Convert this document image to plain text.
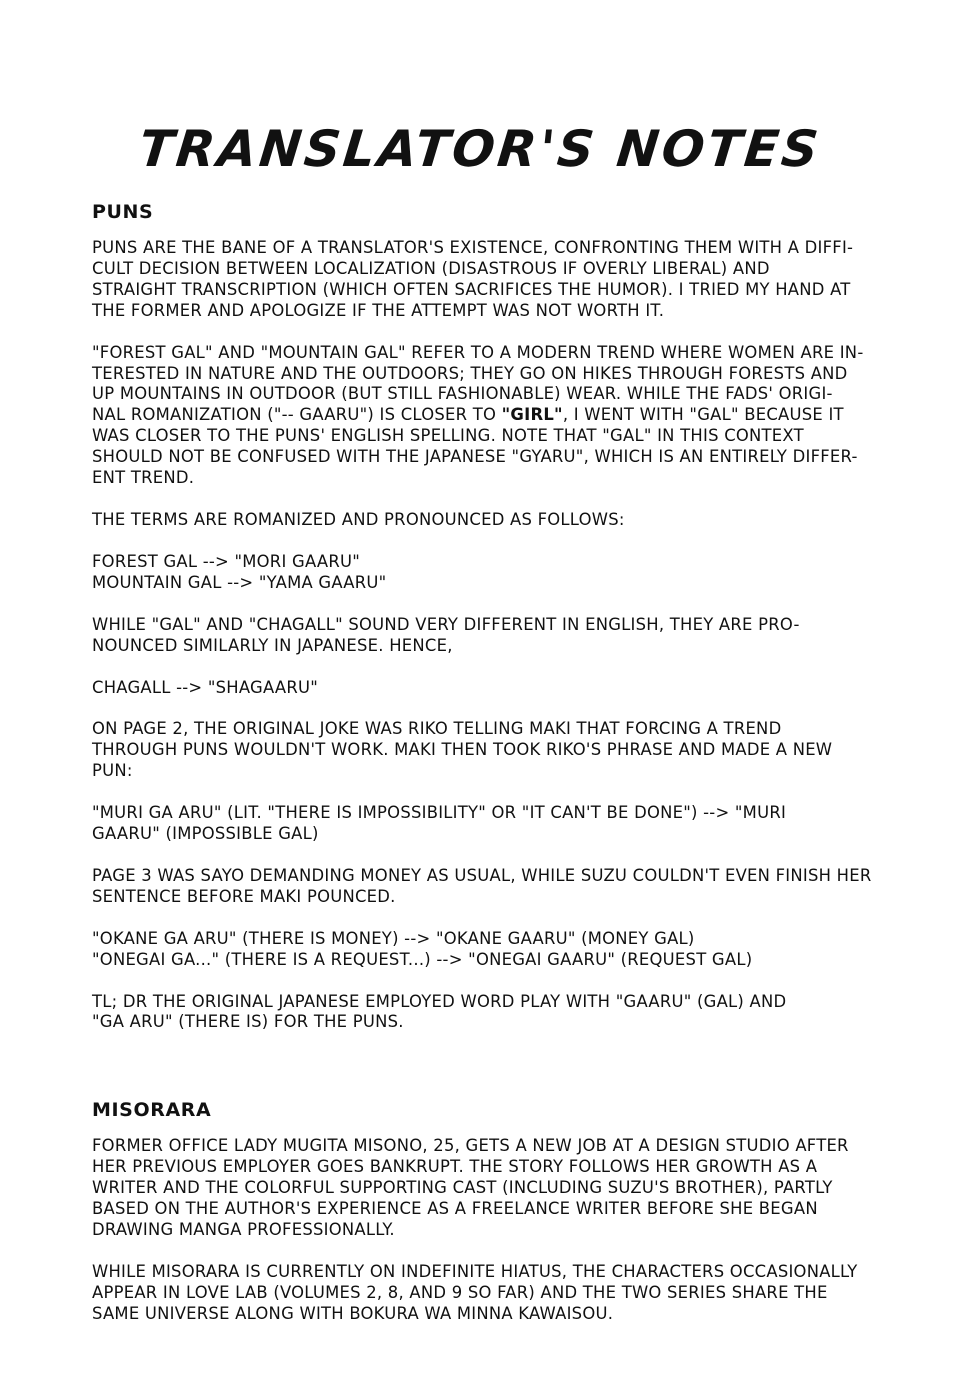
TRANSLATOR'S NOTES
PUNS

PUNS ARE THE BANE OF A TRANSLATOR'S EXISTENCE, CONFRONTING THEM WITH A DIFFI-
CULT DECISION BETWEEN LOCALIZATION (DISASTROUS IF OVERLY LIBERAL) AND
STRAIGHT TRANSCRIPTION (WHICH OFTEN SACRIFICES THE HUMOR). I TRIED MY HAND AT
THE FORMER AND APOLOGIZE IF THE ATTEMPT WAS NOT WORTH IT.

"FOREST GAL" AND "MOUNTAIN GAL" REFER TO A MODERN TREND WHERE WOMEN ARE IN-
TERESTED IN NATURE AND THE OUTDOORS; THEY GO ON HIKES THROUGH FORESTS AND
UP MOUNTAINS IN OUTDOOR (BUT STILL FASHIONABLE) WEAR. WHILE THE FADS' ORIGI-
NAL ROMANIZATION ("-- GAARU") IS CLOSER TO "GIRL", I WENT WITH "GAL" BECAUSE IT
WAS CLOSER TO THE PUNS' ENGLISH SPELLING. NOTE THAT "GAL" IN THIS CONTEXT
SHOULD NOT BE CONFUSED WITH THE JAPANESE "GYARU", WHICH IS AN ENTIRELY DIFFER-
ENT TREND.

THE TERMS ARE ROMANIZED AND PRONOUNCED AS FOLLOWS:

FOREST GAL --> "MORI GAARU"
MOUNTAIN GAL --> "YAMA GAARU"

WHILE "GAL" AND "CHAGALL" SOUND VERY DIFFERENT IN ENGLISH, THEY ARE PRO-
NOUNCED SIMILARLY IN JAPANESE. HENCE,

CHAGALL --> "SHAGAARU"

ON PAGE 2, THE ORIGINAL JOKE WAS RIKO TELLING MAKI THAT FORCING A TREND
THROUGH PUNS WOULDN'T WORK. MAKI THEN TOOK RIKO'S PHRASE AND MADE A NEW
PUN:

"MURI GA ARU" (LIT. "THERE IS IMPOSSIBILITY" OR "IT CAN'T BE DONE") --> "MURI
GAARU" (IMPOSSIBLE GAL)

PAGE 3 WAS SAYO DEMANDING MONEY AS USUAL, WHILE SUZU COULDN'T EVEN FINISH HER
SENTENCE BEFORE MAKI POUNCED.

"OKANE GA ARU" (THERE IS MONEY) --> "OKANE GAARU" (MONEY GAL)
"ONEGAI GA..." (THERE IS A REQUEST...) --> "ONEGAI GAARU" (REQUEST GAL)

TL; DR THE ORIGINAL JAPANESE EMPLOYED WORD PLAY WITH "GAARU" (GAL) AND
"GA ARU" (THERE IS) FOR THE PUNS.

MISORARA

FORMER OFFICE LADY MUGITA MISONO, 25, GETS A NEW JOB AT A DESIGN STUDIO AFTER
HER PREVIOUS EMPLOYER GOES BANKRUPT. THE STORY FOLLOWS HER GROWTH AS A
WRITER AND THE COLORFUL SUPPORTING CAST (INCLUDING SUZU'S BROTHER), PARTLY
BASED ON THE AUTHOR'S EXPERIENCE AS A FREELANCE WRITER BEFORE SHE BEGAN
DRAWING MANGA PROFESSIONALLY.

WHILE MISORARA IS CURRENTLY ON INDEFINITE HIATUS, THE CHARACTERS OCCASIONALLY
APPEAR IN LOVE LAB (VOLUMES 2, 8, AND 9 SO FAR) AND THE TWO SERIES SHARE THE
SAME UNIVERSE ALONG WITH BOKURA WA MINNA KAWAISOU.
